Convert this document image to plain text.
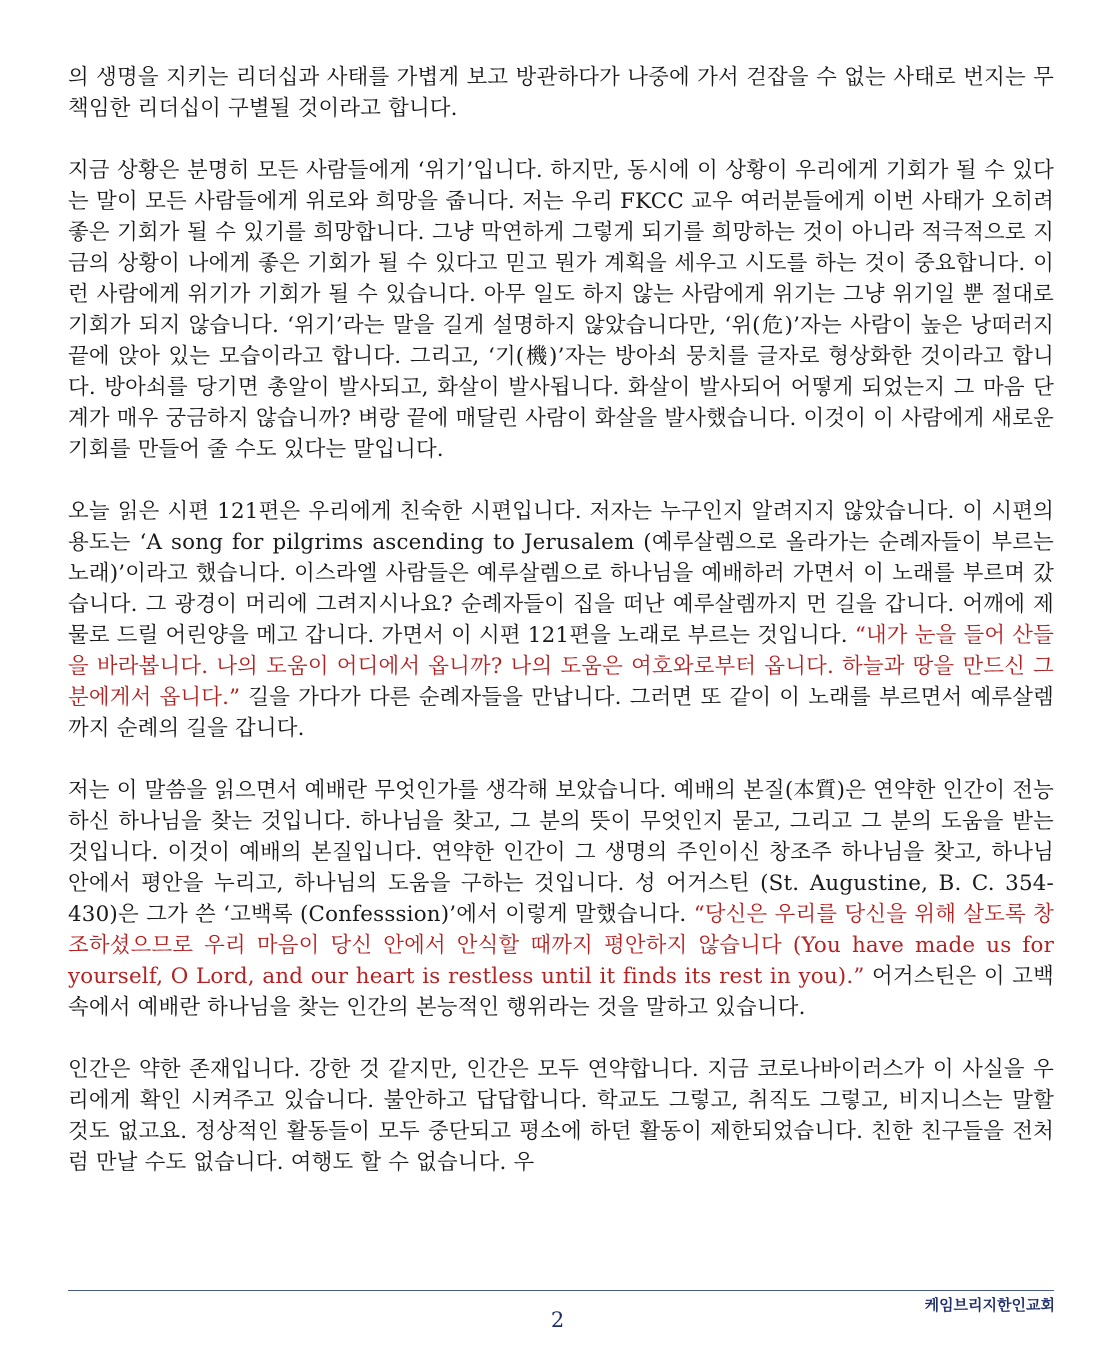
의 생명을 지키는 리더십과 사태를 가볍게 보고 방관하다가 나중에 가서 걷잡을 수 없는 사태로 번지는 무책임한 리더십이 구별될 것이라고 합니다.

지금 상황은 분명히 모든 사람들에게 ‘위기’입니다. 하지만, 동시에 이 상황이 우리에게 기회가 될 수 있다는 말이 모든 사람들에게 위로와 희망을 줍니다. 저는 우리 FKCC 교우 여러분들에게 이번 사태가 오히려 좋은 기회가 될 수 있기를 희망합니다. 그냥 막연하게 그렇게 되기를 희망하는 것이 아니라 적극적으로 지금의 상황이 나에게 좋은 기회가 될 수 있다고 믿고 뭔가 계획을 세우고 시도를 하는 것이 중요합니다. 이런 사람에게 위기가 기회가 될 수 있습니다. 아무 일도 하지 않는 사람에게 위기는 그냥 위기일 뿐 절대로 기회가 되지 않습니다. ‘위기’라는 말을 길게 설명하지 않았습니다만, ‘위(危)’자는 사람이 높은 낭떠러지 끝에 앉아 있는 모습이라고 합니다. 그리고, ‘기(機)’자는 방아쇠 뭉치를 글자로 형상화한 것이라고 합니다. 방아쇠를 당기면 총알이 발사되고, 화살이 발사됩니다. 화살이 발사되어 어떻게 되었는지 그 마음 단계가 매우 궁금하지 않습니까? 벼랑 끝에 매달린 사람이 화살을 발사했습니다. 이것이 이 사람에게 새로운 기회를 만들어 줄 수도 있다는 말입니다.

오늘 읽은 시편 121편은 우리에게 친숙한 시편입니다. 저자는 누구인지 알려지지 않았습니다. 이 시편의 용도는 ‘A song for pilgrims ascending to Jerusalem (예루살렘으로 올라가는 순례자들이 부르는 노래)’이라고 했습니다. 이스라엘 사람들은 예루살렘으로 하나님을 예배하러 가면서 이 노래를 부르며 갔습니다. 그 광경이 머리에 그려지시나요? 순례자들이 집을 떠난 예루살렘까지 먼 길을 갑니다. 어깨에 제물로 드릴 어린양을 메고 갑니다. 가면서 이 시편 121편을 노래로 부르는 것입니다. “내가 눈을 들어 산들을 바라봅니다. 나의 도움이 어디에서 옵니까? 나의 도움은 여호와로부터 옵니다. 하늘과 땅을 만드신 그분에게서 옵니다.” 길을 가다가 다른 순례자들을 만납니다. 그러면 또 같이 이 노래를 부르면서 예루살렘까지 순례의 길을 갑니다.

저는 이 말씀을 읽으면서 예배란 무엇인가를 생각해 보았습니다. 예배의 본질(本質)은 연약한 인간이 전능하신 하나님을 찾는 것입니다. 하나님을 찾고, 그 분의 뜻이 무엇인지 묻고, 그리고 그 분의 도움을 받는 것입니다. 이것이 예배의 본질입니다. 연약한 인간이 그 생명의 주인이신 창조주 하나님을 찾고, 하나님 안에서 평안을 누리고, 하나님의 도움을 구하는 것입니다. 성 어거스틴 (St. Augustine, B. C. 354-430)은 그가 쓴 ‘고백록 (Confesssion)’에서 이렇게 말했습니다. “당신은 우리를 당신을 위해 살도록 창조하셨으므로 우리 마음이 당신 안에서 안식할 때까지 평안하지 않습니다 (You have made us for yourself, O Lord, and our heart is restless until it finds its rest in you).” 어거스틴은 이 고백 속에서 예배란 하나님을 찾는 인간의 본능적인 행위라는 것을 말하고 있습니다.

인간은 약한 존재입니다. 강한 것 같지만, 인간은 모두 연약합니다. 지금 코로나바이러스가 이 사실을 우리에게 확인 시켜주고 있습니다. 불안하고 답답합니다. 학교도 그렇고, 취직도 그렇고, 비지니스는 말할 것도 없고요. 정상적인 활동들이 모두 중단되고 평소에 하던 활동이 제한되었습니다. 친한 친구들을 전처럼 만날 수도 없습니다. 여행도 할 수 없습니다. 우

케임브리지한인교회
2
